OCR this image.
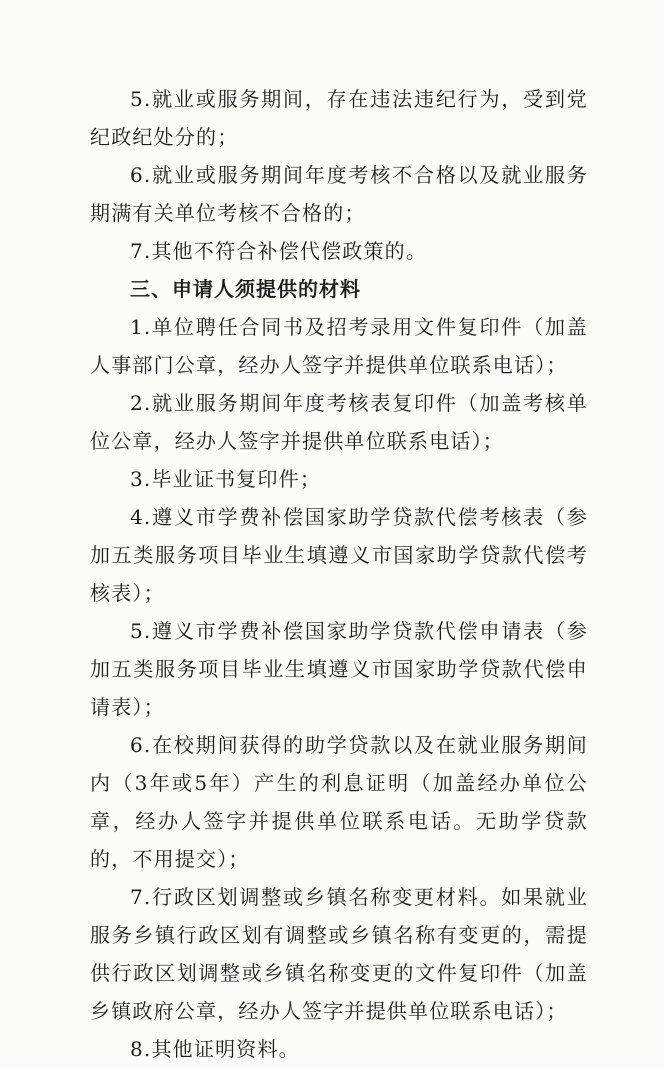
5.就业或服务期间，存在违法违纪行为，受到党纪政纪处分的；

6.就业或服务期间年度考核不合格以及就业服务期满有关单位考核不合格的；

7.其他不符合补偿代偿政策的。

三、申请人须提供的材料

1.单位聘任合同书及招考录用文件复印件（加盖人事部门公章，经办人签字并提供单位联系电话）；

2.就业服务期间年度考核表复印件（加盖考核单位公章，经办人签字并提供单位联系电话）；

3.毕业证书复印件；

4.遵义市学费补偿国家助学贷款代偿考核表（参加五类服务项目毕业生填遵义市国家助学贷款代偿考核表）；

5.遵义市学费补偿国家助学贷款代偿申请表（参加五类服务项目毕业生填遵义市国家助学贷款代偿申请表）；

6.在校期间获得的助学贷款以及在就业服务期间内（3年或5年）产生的利息证明（加盖经办单位公章，经办人签字并提供单位联系电话。无助学贷款的，不用提交）；

7.行政区划调整或乡镇名称变更材料。如果就业服务乡镇行政区划有调整或乡镇名称有变更的，需提供行政区划调整或乡镇名称变更的文件复印件（加盖乡镇政府公章，经办人签字并提供单位联系电话）；

8.其他证明资料。
